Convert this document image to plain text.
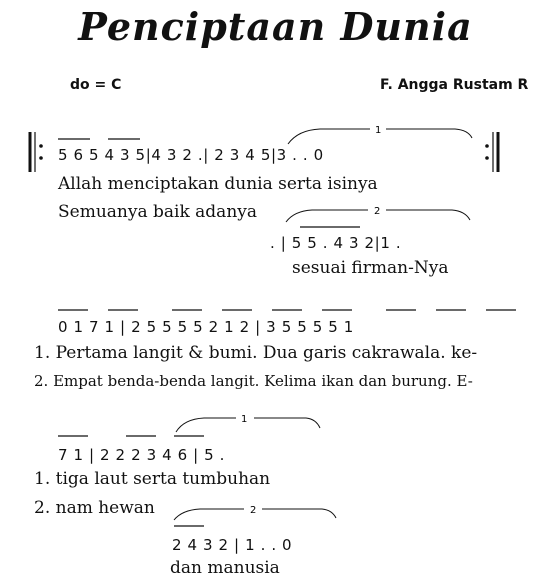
Penciptaan Dunia
do = C	F. Angga Rustam R
5 6 5 4 3 5|4 3 2 .| 2 3 4 5|3 . . 0
Allah menciptakan dunia serta isinya
Semuanya baik adanya
. | 5 5 . 4 3 2|1 .
sesuai firman-Nya
0 1 7 1 | 2 5 5 5 5 2 1 2 | 3 5 5 5 5 1
1. Pertama langit & bumi. Dua garis cakrawala. ke-
2. Empat benda-benda langit. Kelima ikan dan burung. E-
7 1 | 2 2 2 3 4 6 | 5 .
1. tiga laut serta tumbuhan
2. nam hewan
2 4 3 2 | 1 . . 0
dan manusia
1
2
1
2
